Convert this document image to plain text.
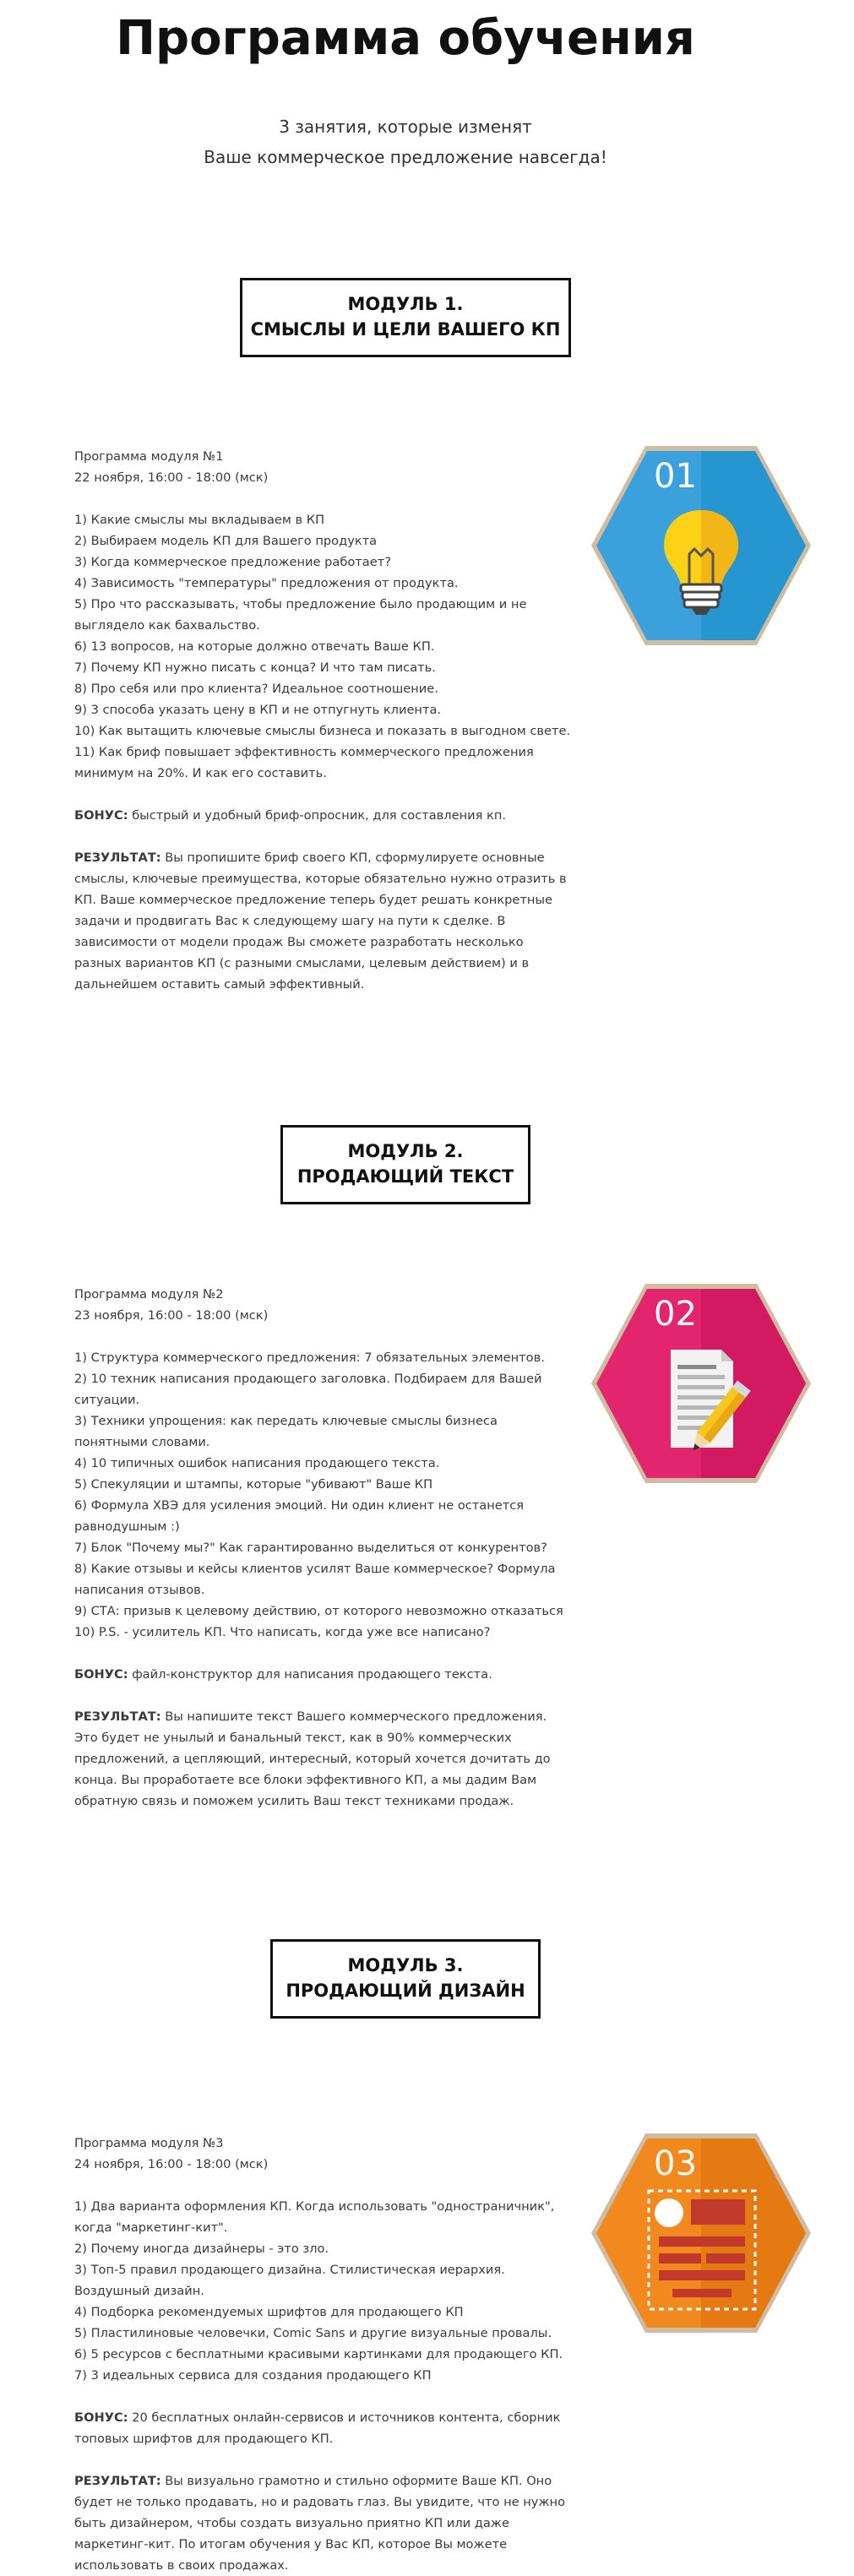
Программа обучения
3 занятия, которые изменят
Ваше коммерческое предложение навсегда!
МОДУЛЬ 1.
СМЫСЛЫ И ЦЕЛИ ВАШЕГО КП

Программа модуля №1

22 ноября, 16:00 - 18:00 (мск)

1) Какие смыслы мы вкладываем в КП

2) Выбираем модель КП для Вашего продукта

3) Когда коммерческое предложение работает?

4) Зависимость "температуры" предложения от продукта.

5) Про что рассказывать, чтобы предложение было продающим и не выглядело как бахвальство.

6) 13 вопросов, на которые должно отвечать Ваше КП.

7) Почему КП нужно писать с конца? И что там писать.

8) Про себя или про клиента? Идеальное соотношение.

9) 3 способа указать цену в КП и не отпугнуть клиента.

10) Как вытащить ключевые смыслы бизнеса и показать в выгодном свете.

11) Как бриф повышает эффективность коммерческого предложения минимум на 20%. И как его составить.

БОНУС: быстрый и удобный бриф-опросник, для составления кп.

РЕЗУЛЬТАТ: Вы пропишите бриф своего КП, сформулируете основные смыслы, ключевые преимущества, которые обязательно нужно отразить в КП. Ваше коммерческое предложение теперь будет решать конкретные задачи и продвигать Вас к следующему шагу на пути к сделке. В зависимости от модели продаж Вы сможете разработать несколько разных вариантов КП (с разными смыслами, целевым действием) и в дальнейшем оставить самый эффективный.

01
МОДУЛЬ 2.
ПРОДАЮЩИЙ ТЕКСТ

Программа модуля №2

23 ноября, 16:00 - 18:00 (мск)

1) Структура коммерческого предложения: 7 обязательных элементов.

2) 10 техник написания продающего заголовка. Подбираем для Вашей ситуации.

3) Техники упрощения: как передать ключевые смыслы бизнеса понятными словами.

4) 10 типичных ошибок написания продающего текста.

5) Спекуляции и штампы, которые "убивают" Ваше КП

6) Формула ХВЭ для усиления эмоций. Ни один клиент не останется равнодушным :)

7) Блок "Почему мы?" Как гарантированно выделиться от конкурентов?

8) Какие отзывы и кейсы клиентов усилят Ваше коммерческое? Формула написания отзывов.

9) СТА: призыв к целевому действию, от которого невозможно отказаться

10) P.S. - усилитель КП. Что написать, когда уже все написано?

БОНУС: файл-конструктор для написания продающего текста.

РЕЗУЛЬТАТ: Вы напишите текст Вашего коммерческого предложения. Это будет не унылый и банальный текст, как в 90% коммерческих предложений, а цепляющий, интересный, который хочется дочитать до конца. Вы проработаете все блоки эффективного КП, а мы дадим Вам обратную связь и поможем усилить Ваш текст техниками продаж.

02
МОДУЛЬ 3.
ПРОДАЮЩИЙ ДИЗАЙН

Программа модуля №3

24 ноября, 16:00 - 18:00 (мск)

1) Два варианта оформления КП. Когда использовать "одностраничник", когда "маркетинг-кит".

2) Почему иногда дизайнеры - это зло.

3) Топ-5 правил продающего дизайна. Стилистическая иерархия. Воздушный дизайн.

4) Подборка рекомендуемых шрифтов для продающего КП

5) Пластилиновые человечки, Comic Sans и другие визуальные провалы.

6) 5 ресурсов с бесплатными красивыми картинками для продающего КП.

7) 3 идеальных сервиса для создания продающего КП

БОНУС: 20 бесплатных онлайн-сервисов и источников контента, сборник топовых шрифтов для продающего КП.

РЕЗУЛЬТАТ: Вы визуально грамотно и стильно оформите Ваше КП. Оно будет не только продавать, но и радовать глаз. Вы увидите, что не нужно быть дизайнером, чтобы создать визуально приятно КП или даже маркетинг-кит. По итогам обучения у Вас КП, которое Вы можете использовать в своих продажах.

03
